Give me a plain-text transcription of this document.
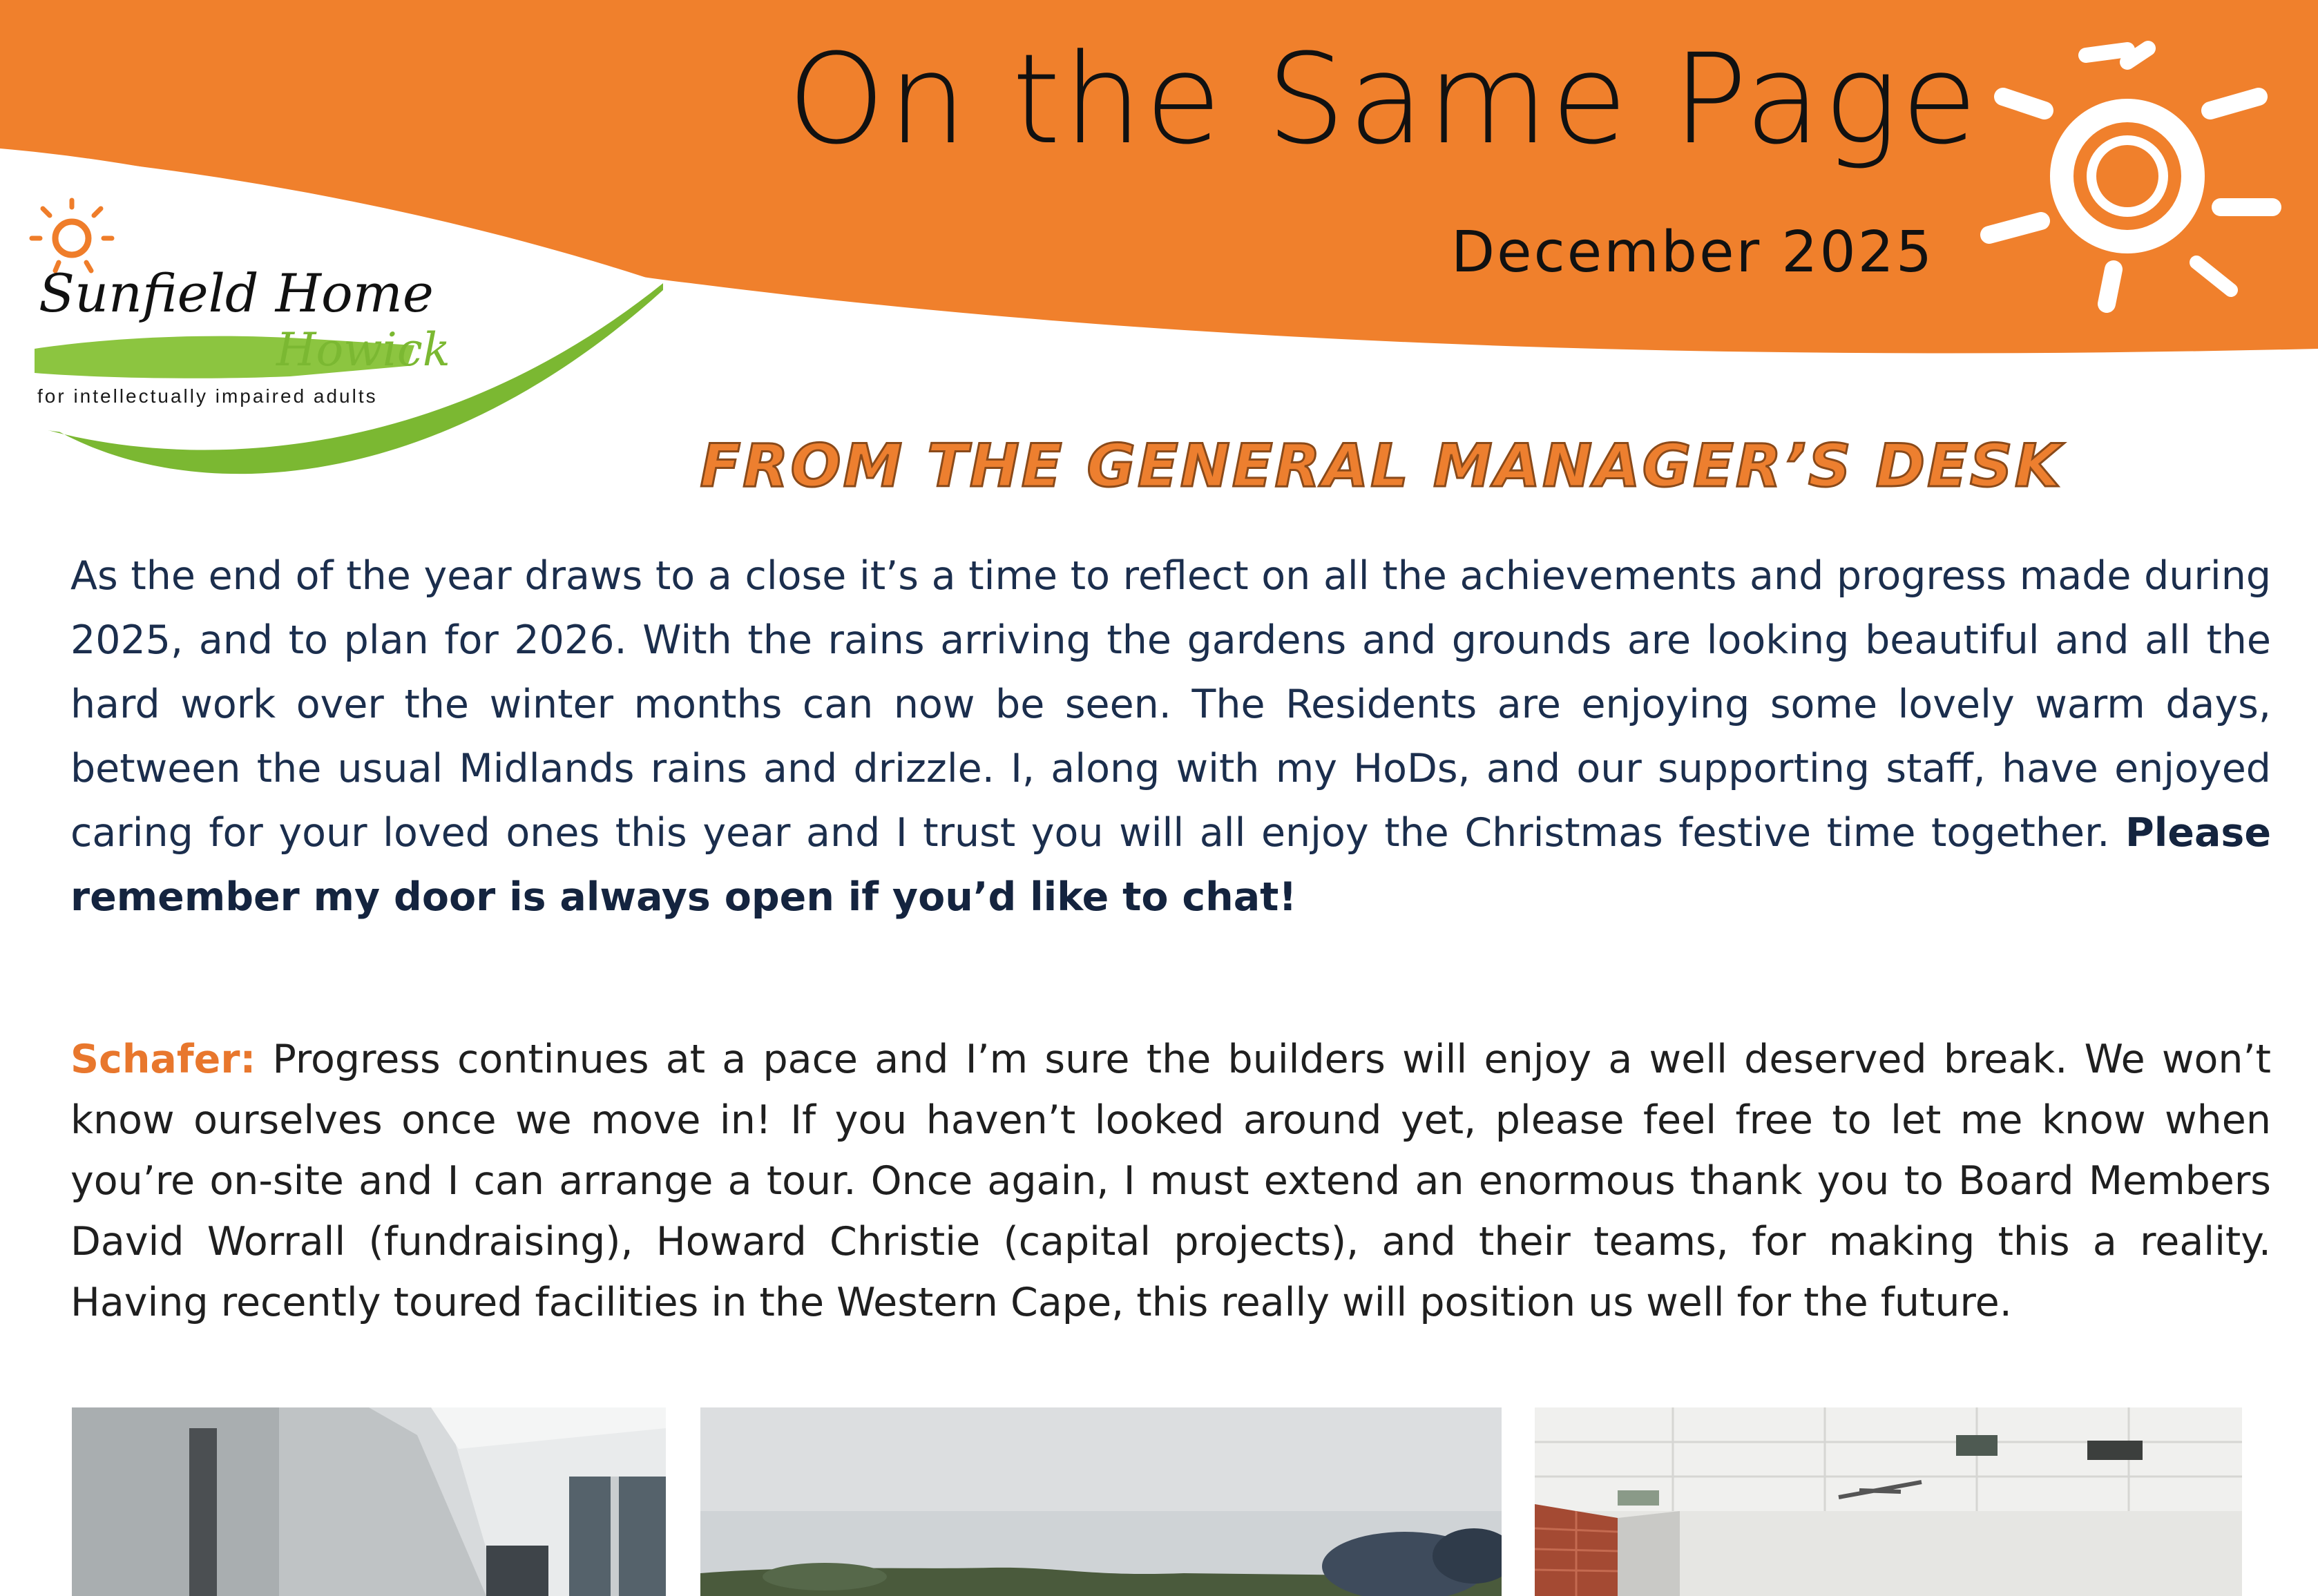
On the Same Page
December 2025
Sunfield Home
Howick
for intellectually impaired adults
FROM THE GENERAL MANAGER’S DESK

As the end of the year draws to a close it’s a time to reflect on all the achievements and progress made during 2025, and to plan for 2026. With the rains arriving the gardens and grounds are looking beautiful and all the hard work over the winter months can now be seen. The Residents are enjoying some lovely warm days, between the usual Midlands rains and drizzle. I, along with my HoDs, and our supporting staff, have enjoyed caring for your loved ones this year and I trust you will all enjoy the Christmas festive time together. Please remember my door is always open if you’d like to chat!

Schafer: Progress continues at a pace and I’m sure the builders will enjoy a well deserved break. We won’t know ourselves once we move in! If you haven’t looked around yet, please feel free to let me know when you’re on-site and I can arrange a tour. Once again, I must extend an enormous thank you to Board Members David Worrall (fundraising), Howard Christie (capital projects), and their teams, for making this a reality. Having recently toured facilities in the Western Cape, this really will position us well for the future.
